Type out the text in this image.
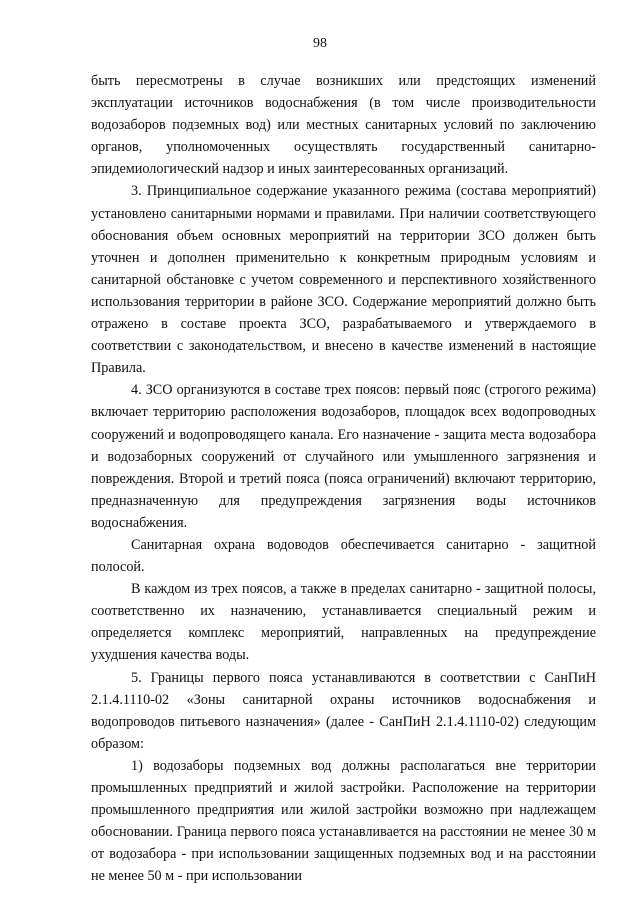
98

быть пересмотрены в случае возникших или предстоящих изменений эксплуатации источников водоснабжения (в том числе производительности водозаборов подземных вод) или местных санитарных условий по заключению органов, уполномоченных осуществлять государственный санитарно-эпидемиологический надзор и иных заинтересованных организаций.

3. Принципиальное содержание указанного режима (состава мероприятий) установлено санитарными нормами и правилами. При наличии соответствующего обоснования объем основных мероприятий на территории ЗСО должен быть уточнен и дополнен применительно к конкретным природным условиям и санитарной обстановке с учетом современного и перспективного хозяйственного использования территории в районе ЗСО. Содержание мероприятий должно быть отражено в составе проекта ЗСО, разрабатываемого и утверждаемого в соответствии с законодательством, и внесено в качестве изменений в настоящие Правила.

4. ЗСО организуются в составе трех поясов: первый пояс (строгого режима) включает территорию расположения водозаборов, площадок всех водопроводных сооружений и водопроводящего канала. Его назначение - защита места водозабора и водозаборных сооружений от случайного или умышленного загрязнения и повреждения. Второй и третий пояса (пояса ограничений) включают территорию, предназначенную для предупреждения загрязнения воды источников водоснабжения.

Санитарная охрана водоводов обеспечивается санитарно - защитной полосой.

В каждом из трех поясов, а также в пределах санитарно - защитной полосы, соответственно их назначению, устанавливается специальный режим и определяется комплекс мероприятий, направленных на предупреждение ухудшения качества воды.

5. Границы первого пояса устанавливаются в соответствии с СанПиН 2.1.4.1110-02 «Зоны санитарной охраны источников водоснабжения и водопроводов питьевого назначения» (далее - СанПиН 2.1.4.1110-02) следующим образом:

1) водозаборы подземных вод должны располагаться вне территории промышленных предприятий и жилой застройки. Расположение на территории промышленного предприятия или жилой застройки возможно при надлежащем обосновании. Граница первого пояса устанавливается на расстоянии не менее 30 м от водозабора - при использовании защищенных подземных вод и на расстоянии не менее 50 м - при использовании
